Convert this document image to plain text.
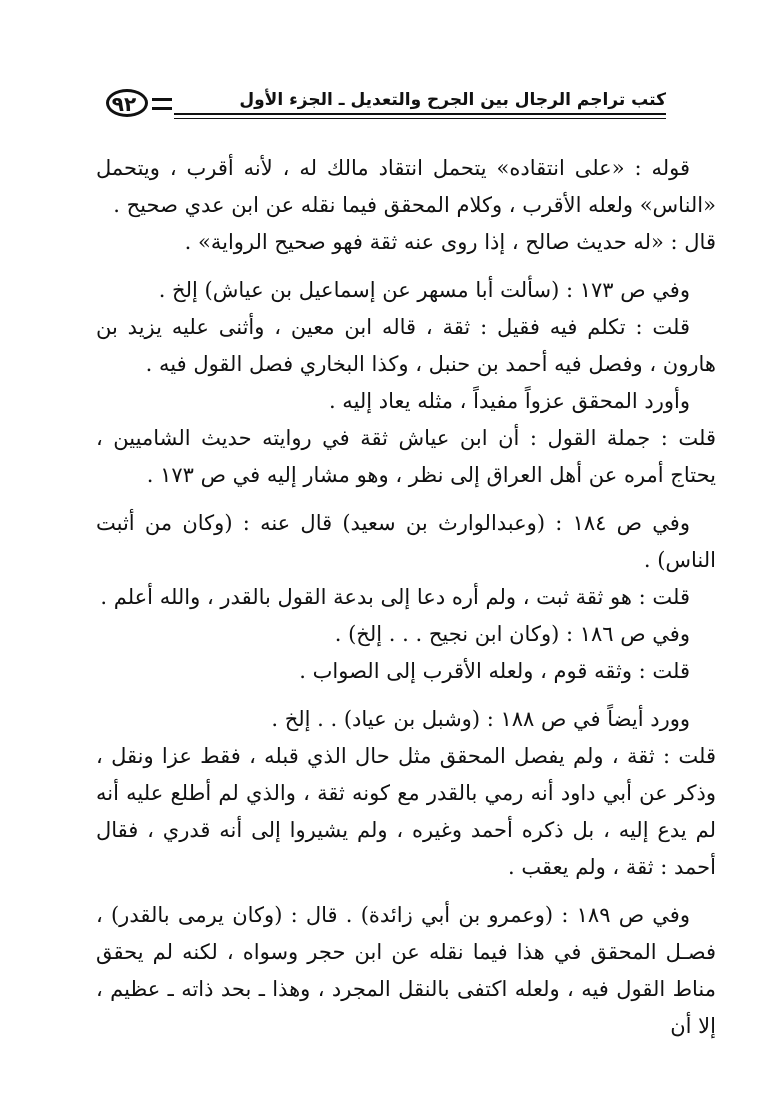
٩٢	كتب تراجم الرجال بين الجرح والتعديل ـ الجزء الأول

قوله : «على انتقاده» يتحمل انتقاد مالك له ، لأنه أقرب ، ويتحمل «الناس» ولعله الأقرب ، وكلام المحقق فيما نقله عن ابن عدي صحيح .

قال : «له حديث صالح ، إذا روى عنه ثقة فهو صحيح الرواية» .

وفي ص ١٧٣ : (سألت أبا مسهر عن إسماعيل بن عياش) إلخ .

قلت : تكلم فيه فقيل : ثقة ، قاله ابن معين ، وأثنى عليه يزيد بن هارون ، وفصل فيه أحمد بن حنبل ، وكذا البخاري فصل القول فيه .

وأورد المحقق عزواً مفيداً ، مثله يعاد إليه .

قلت : جملة القول : أن ابن عياش ثقة في روايته حديث الشاميين ، يحتاج أمره عن أهل العراق إلى نظر ، وهو مشار إليه في ص ١٧٣ .

وفي ص ١٨٤ : (وعبدالوارث بن سعيد) قال عنه : (وكان من أثبت الناس) .

قلت : هو ثقة ثبت ، ولم أره دعا إلى بدعة القول بالقدر ، والله أعلم .

وفي ص ١٨٦ : (وكان ابن نجيح . . . إلخ) .

قلت : وثقه قوم ، ولعله الأقرب إلى الصواب .

وورد أيضاً في ص ١٨٨ : (وشبل بن عياد) . . إلخ .

قلت : ثقة ، ولم يفصل المحقق مثل حال الذي قبله ، فقط عزا ونقل ، وذكر عن أبي داود أنه رمي بالقدر مع كونه ثقة ، والذي لم أطلع عليه أنه لم يدع إليه ، بل ذكره أحمد وغيره ، ولم يشيروا إلى أنه قدري ، فقال أحمد : ثقة ، ولم يعقب .

وفي ص ١٨٩ : (وعمرو بن أبي زائدة) . قال : (وكان يرمى بالقدر) ، فصـل المحقق في هذا فيما نقله عن ابن حجر وسواه ، لكنه لم يحقق مناط القول فيه ، ولعله اكتفى بالنقل المجرد ، وهذا ـ بحد ذاته ـ عظيم ، إلا أن
